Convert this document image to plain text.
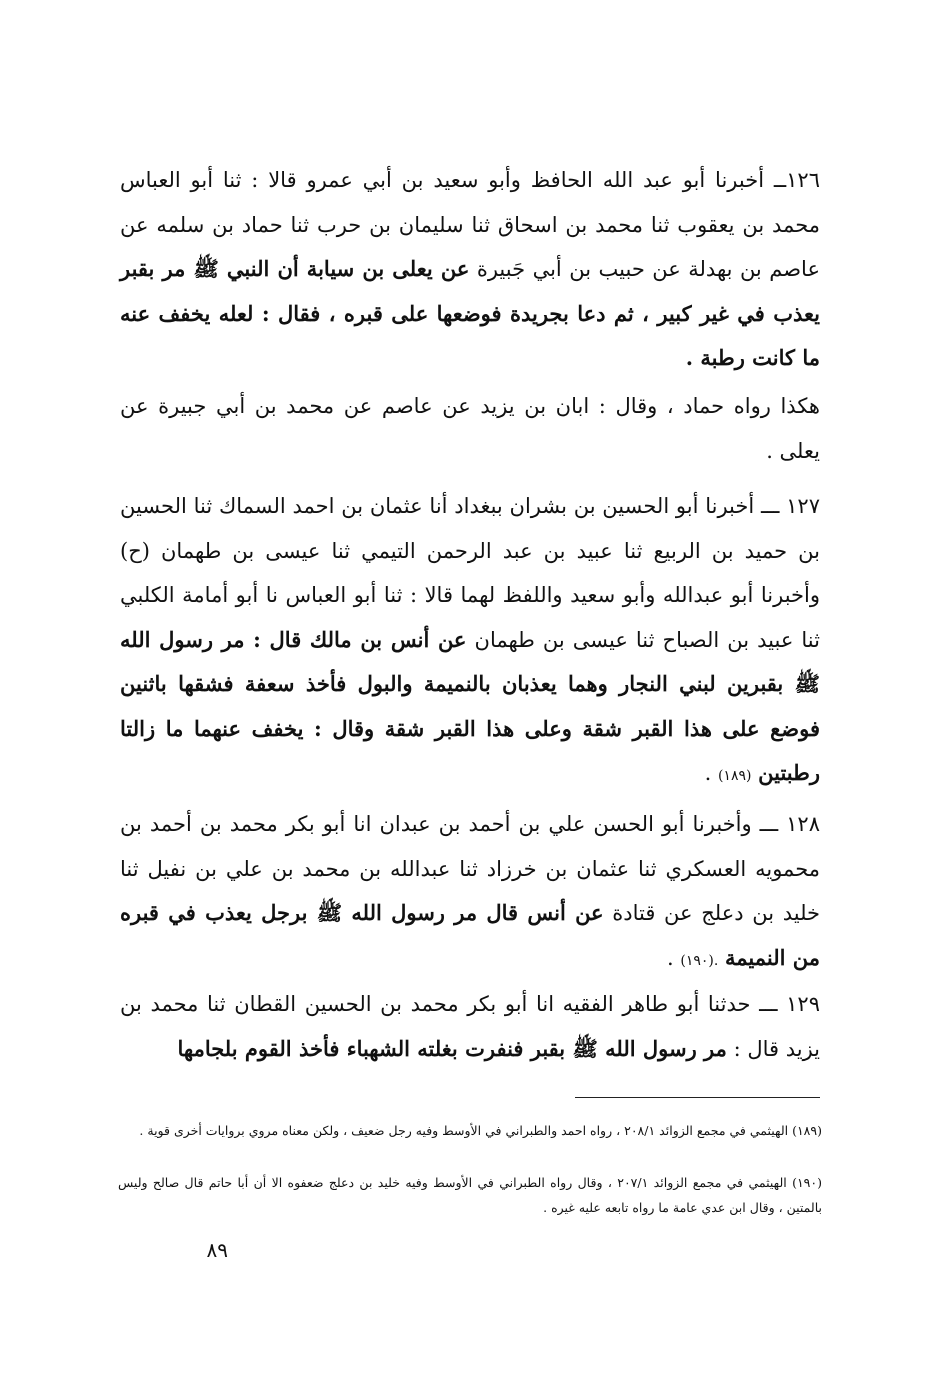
١٢٦ــ أخبرنا أبو عبد الله الحافظ وأبو سعيد بن أبي عمرو قالا : ثنا أبو العباس محمد بن يعقوب ثنا محمد بن اسحاق ثنا سليمان بن حرب ثنا حماد بن سلمه عن عاصم بن بهدلة عن حبيب بن أبي جَبيرة عن يعلى بن سيابة أن النبي ﷺ مر بقبر يعذب في غير كبير ، ثم دعا بجريدة فوضعها على قبره ، فقال : لعله يخفف عنه ما كانت رطبة .
هكذا رواه حماد ، وقال : ابان بن يزيد عن عاصم عن محمد بن أبي جبيرة عن يعلى .
١٢٧ ـــ أخبرنا أبو الحسين بن بشران ببغداد أنا عثمان بن احمد السماك ثنا الحسين بن حميد بن الربيع ثنا عبيد بن عبد الرحمن التيمي ثنا عيسى بن طهمان (ح) وأخبرنا أبو عبدالله وأبو سعيد واللفظ لهما قالا : ثنا أبو العباس نا أبو أمامة الكلبي ثنا عبيد بن الصباح ثنا عيسى بن طهمان عن أنس بن مالك قال : مر رسول الله ﷺ بقبرين لبني النجار وهما يعذبان بالنميمة والبول فأخذ سعفة فشقها باثنين فوضع على هذا القبر شقة وعلى هذا القبر شقة وقال : يخفف عنهما ما زالتا رطبتين (١٨٩) .
١٢٨ ـــ وأخبرنا أبو الحسن علي بن أحمد بن عبدان انا أبو بكر محمد بن أحمد بن محمويه العسكري ثنا عثمان بن خرزاد ثنا عبدالله بن محمد بن علي بن نفيل ثنا خليد بن دعلج عن قتادة عن أنس قال مر رسول الله ﷺ برجل يعذب في قبره من النميمة .(١٩٠) .
١٢٩ ـــ حدثنا أبو طاهر الفقيه انا أبو بكر محمد بن الحسين القطان ثنا محمد بن يزيد قال : مر رسول الله ﷺ بقبر فنفرت بغلته الشهباء فأخذ القوم بلجامها
(١٨٩) الهيثمي في مجمع الزوائد ٢٠٨/١ ، رواه احمد والطبراني في الأوسط وفيه رجل ضعيف ، ولكن معناه مروي بروايات أخرى قوية .
(١٩٠) الهيثمي في مجمع الزوائد ٢٠٧/١ ، وقال رواه الطبراني في الأوسط وفيه خليد بن دعلج ضعفوه الا أن أبا حاتم قال صالح وليس بالمتين ، وقال ابن عدي عامة ما رواه تابعه عليه غيره .
٨٩
